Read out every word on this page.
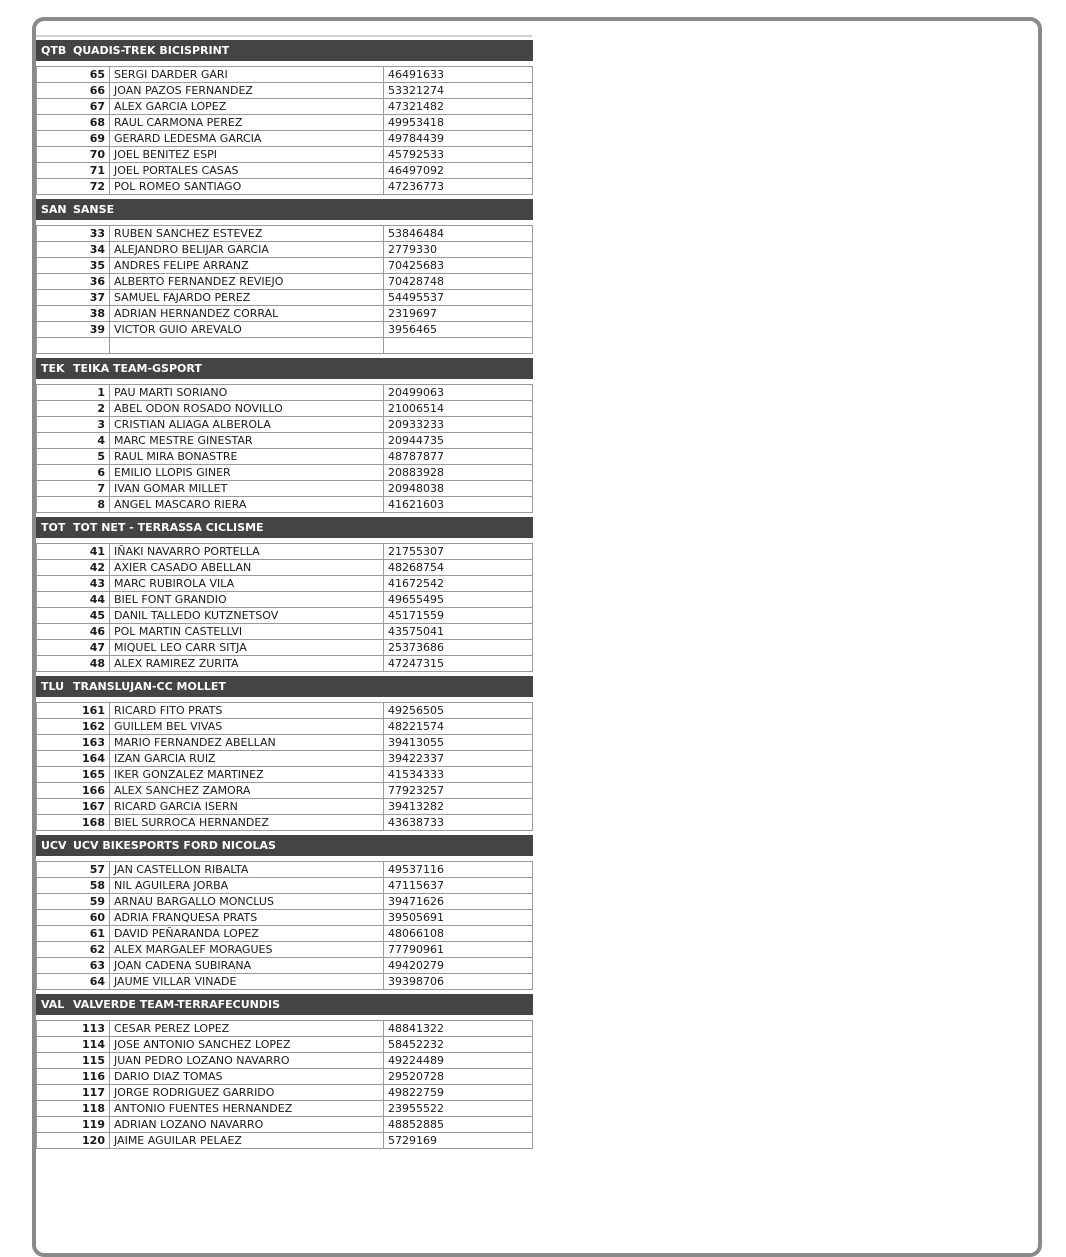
QTB QUADIS-TREK BICISPRINT
65	SERGI DARDER GARI	46491633
66	JOAN PAZOS FERNANDEZ	53321274
67	ALEX GARCIA LOPEZ	47321482
68	RAUL CARMONA PEREZ	49953418
69	GERARD LEDESMA GARCIA	49784439
70	JOEL BENITEZ ESPI	45792533
71	JOEL PORTALES CASAS	46497092
72	POL ROMEO SANTIAGO	47236773
SAN SANSE
33	RUBEN SANCHEZ ESTEVEZ	53846484
34	ALEJANDRO BELIJAR GARCIA	2779330
35	ANDRES FELIPE ARRANZ	70425683
36	ALBERTO FERNANDEZ REVIEJO	70428748
37	SAMUEL FAJARDO PEREZ	54495537
38	ADRIAN HERNANDEZ CORRAL	2319697
39	VICTOR GUIO AREVALO	3956465

TEK TEIKA TEAM-GSPORT
1	PAU MARTI SORIANO	20499063
2	ABEL ODON ROSADO NOVILLO	21006514
3	CRISTIAN ALIAGA ALBEROLA	20933233
4	MARC MESTRE GINESTAR	20944735
5	RAUL MIRA BONASTRE	48787877
6	EMILIO LLOPIS GINER	20883928
7	IVAN GOMAR MILLET	20948038
8	ANGEL MASCARO RIERA	41621603
TOT TOT NET - TERRASSA CICLISME
41	IÑAKI NAVARRO PORTELLA	21755307
42	AXIER CASADO ABELLAN	48268754
43	MARC RUBIROLA VILA	41672542
44	BIEL FONT GRANDIO	49655495
45	DANIL TALLEDO KUTZNETSOV	45171559
46	POL MARTIN CASTELLVI	43575041
47	MIQUEL LEO CARR SITJA	25373686
48	ALEX RAMIREZ ZURITA	47247315
TLU TRANSLUJAN-CC MOLLET
161	RICARD FITO PRATS	49256505
162	GUILLEM BEL VIVAS	48221574
163	MARIO FERNANDEZ ABELLAN	39413055
164	IZAN GARCIA RUIZ	39422337
165	IKER GONZALEZ MARTINEZ	41534333
166	ALEX SANCHEZ ZAMORA	77923257
167	RICARD GARCIA ISERN	39413282
168	BIEL SURROCA HERNANDEZ	43638733
UCV UCV BIKESPORTS FORD NICOLAS
57	JAN CASTELLON RIBALTA	49537116
58	NIL AGUILERA JORBA	47115637
59	ARNAU BARGALLO MONCLUS	39471626
60	ADRIA FRANQUESA PRATS	39505691
61	DAVID PEÑARANDA LOPEZ	48066108
62	ALEX MARGALEF MORAGUES	77790961
63	JOAN CADENA SUBIRANA	49420279
64	JAUME VILLAR VINADE	39398706
VAL VALVERDE TEAM-TERRAFECUNDIS
113	CESAR PEREZ LOPEZ	48841322
114	JOSE ANTONIO SANCHEZ LOPEZ	58452232
115	JUAN PEDRO LOZANO NAVARRO	49224489
116	DARIO DIAZ TOMAS	29520728
117	JORGE RODRIGUEZ GARRIDO	49822759
118	ANTONIO FUENTES HERNANDEZ	23955522
119	ADRIAN LOZANO NAVARRO	48852885
120	JAIME AGUILAR PELAEZ	5729169
